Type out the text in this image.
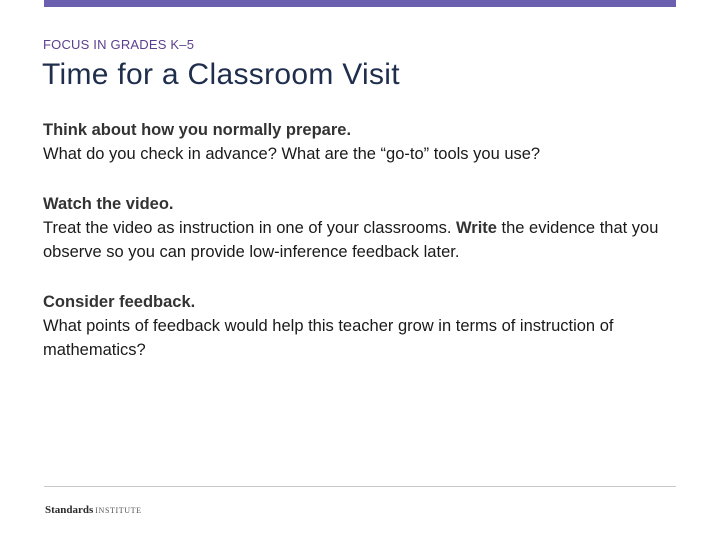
FOCUS IN GRADES K–5
Time for a Classroom Visit
Think about how you normally prepare.
What do you check in advance? What are the “go-to” tools you use?
Watch the video.
Treat the video as instruction in one of your classrooms. Write the evidence that you observe so you can provide low-inference feedback later.
Consider feedback.
What points of feedback would help this teacher grow in terms of instruction of mathematics?
Standards INSTITUTE
